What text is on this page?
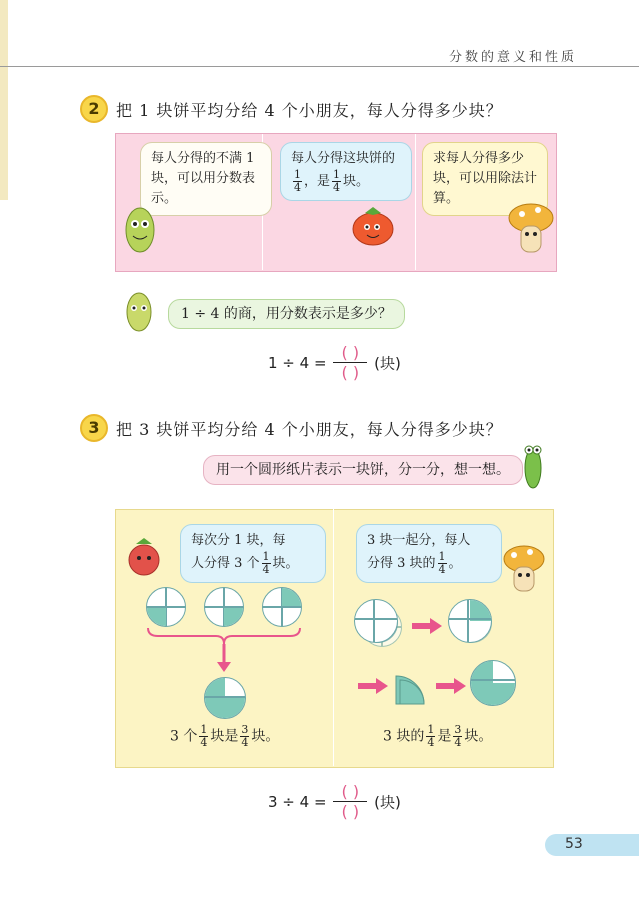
分数的意义和性质
2	把 1 块饼平均分给 4 个小朋友，每人分得多少块？
每人分得的不满 1 块，可以用分数表示。
每人分得这块饼的
$\frac{1}{4}$ ，是 $\frac{1}{4}$ 块。
求每人分得多少块，可以用除法计算。
1 ÷ 4 的商，用分数表示是多少？
1 ÷ 4 =
( )
( )	(块)
3	把 3 块饼平均分给 4 个小朋友，每人分得多少块？
用一个圆形纸片表示一块饼，分一分，想一想。
每次分 1 块，每
人分得 3 个 $\frac{1}{4}$ 块。
3 个 $\frac{1}{4}$ 块是 $\frac{3}{4}$ 块。
3 块一起分，每人
分得 3 块的 $\frac{1}{4}$ 。
3 块的 $\frac{1}{4}$ 是 $\frac{3}{4}$ 块。
3 ÷ 4 =
( )
( )	(块)
53
